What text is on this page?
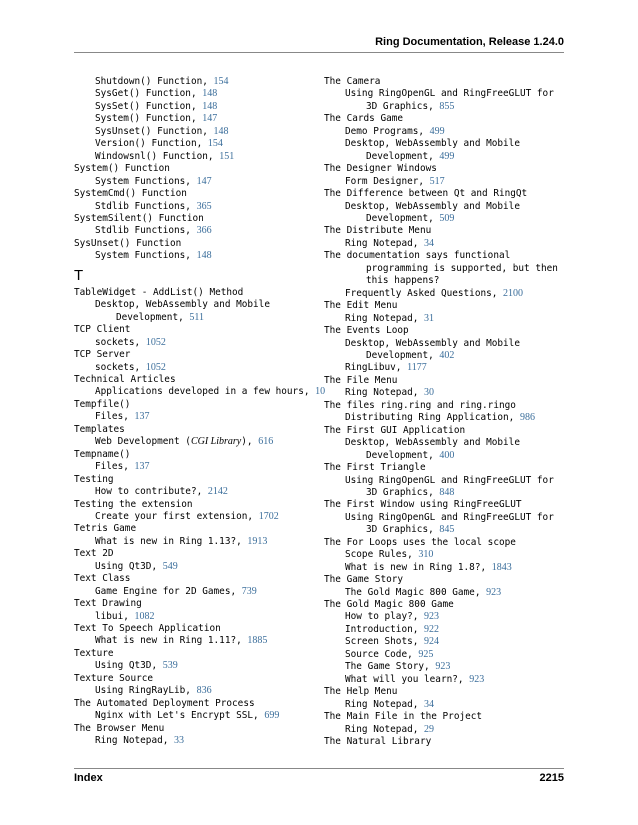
Ring Documentation, Release 1.24.0
Shutdown() Function, 154
SysGet() Function, 148
SysSet() Function, 148
System() Function, 147
SysUnset() Function, 148
Version() Function, 154
Windowsnl() Function, 151
System() Function
System Functions, 147
SystemCmd() Function
Stdlib Functions, 365
SystemSilent() Function
Stdlib Functions, 366
SysUnset() Function
System Functions, 148
T
TableWidget - AddList() Method
Desktop, WebAssembly and Mobile
Development, 511
TCP Client
sockets, 1052
TCP Server
sockets, 1052
Technical Articles
Applications developed in a few hours, 10
Tempfile()
Files, 137
Templates
Web Development (CGI Library), 616
Tempname()
Files, 137
Testing
How to contribute?, 2142
Testing the extension
Create your first extension, 1702
Tetris Game
What is new in Ring 1.13?, 1913
Text 2D
Using Qt3D, 549
Text Class
Game Engine for 2D Games, 739
Text Drawing
libui, 1082
Text To Speech Application
What is new in Ring 1.11?, 1885
Texture
Using Qt3D, 539
Texture Source
Using RingRayLib, 836
The Automated Deployment Process
Nginx with Let's Encrypt SSL, 699
The Browser Menu
Ring Notepad, 33
The Camera
Using RingOpenGL and RingFreeGLUT for
3D Graphics, 855
The Cards Game
Demo Programs, 499
Desktop, WebAssembly and Mobile
Development, 499
The Designer Windows
Form Designer, 517
The Difference between Qt and RingQt
Desktop, WebAssembly and Mobile
Development, 509
The Distribute Menu
Ring Notepad, 34
The documentation says functional
programming is supported, but then
this happens?
Frequently Asked Questions, 2100
The Edit Menu
Ring Notepad, 31
The Events Loop
Desktop, WebAssembly and Mobile
Development, 402
RingLibuv, 1177
The File Menu
Ring Notepad, 30
The files ring.ring and ring.ringo
Distributing Ring Application, 986
The First GUI Application
Desktop, WebAssembly and Mobile
Development, 400
The First Triangle
Using RingOpenGL and RingFreeGLUT for
3D Graphics, 848
The First Window using RingFreeGLUT
Using RingOpenGL and RingFreeGLUT for
3D Graphics, 845
The For Loops uses the local scope
Scope Rules, 310
What is new in Ring 1.8?, 1843
The Game Story
The Gold Magic 800 Game, 923
The Gold Magic 800 Game
How to play?, 923
Introduction, 922
Screen Shots, 924
Source Code, 925
The Game Story, 923
What will you learn?, 923
The Help Menu
Ring Notepad, 34
The Main File in the Project
Ring Notepad, 29
The Natural Library
Index	2215
